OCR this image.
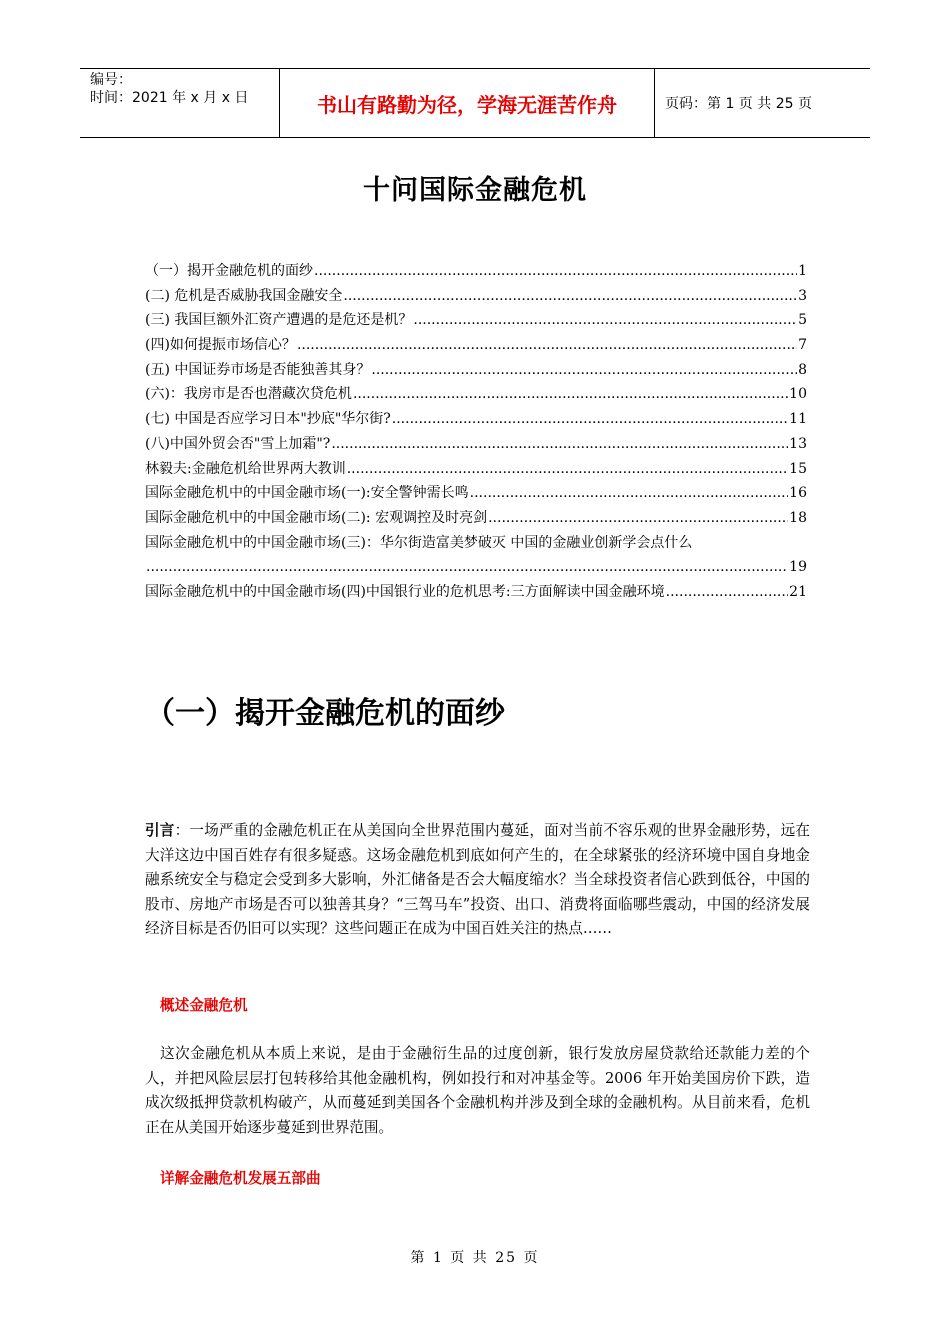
编号：
时间：2021 年 x 月 x 日	书山有路勤为径，学海无涯苦作舟	页码：第 1 页 共 25 页
十问国际金融危机
（一）揭开金融危机的面纱 .....	1
(二) 危机是否威胁我国金融安全 .....	3
(三) 我国巨额外汇资产遭遇的是危还是机？ .....	5
(四)如何提振市场信心？ .....	7
(五) 中国证券市场是否能独善其身？ .....	8
(六)：我房市是否也潜藏次贷危机 .....	10
(七) 中国是否应学习日本"抄底"华尔街? .....	11
(八)中国外贸会否"雪上加霜"? .....	13
林毅夫:金融危机给世界两大教训 .....	15
国际金融危机中的中国金融市场(一):安全警钟需长鸣 .....	16
国际金融危机中的中国金融市场(二): 宏观调控及时亮剑 .....	18
国际金融危机中的中国金融市场(三)：华尔街造富美梦破灭 中国的金融业创新学会点什么
.....
19
国际金融危机中的中国金融市场(四)中国银行业的危机思考:三方面解读中国金融环境 .....	21
（一）揭开金融危机的面纱
引言：一场严重的金融危机正在从美国向全世界范围内蔓延，面对当前不容乐观的世界金融形势，远在大洋这边中国百姓存有很多疑惑。这场金融危机到底如何产生的，在全球紧张的经济环境中国自身地金融系统安全与稳定会受到多大影响，外汇储备是否会大幅度缩水？当全球投资者信心跌到低谷，中国的股市、房地产市场是否可以独善其身？“三驾马车”投资、出口、消费将面临哪些震动，中国的经济发展经济目标是否仍旧可以实现？这些问题正在成为中国百姓关注的热点……
概述金融危机
这次金融危机从本质上来说，是由于金融衍生品的过度创新，银行发放房屋贷款给还款能力差的个人，并把风险层层打包转移给其他金融机构，例如投行和对冲基金等。2006 年开始美国房价下跌，造成次级抵押贷款机构破产，从而蔓延到美国各个金融机构并涉及到全球的金融机构。从目前来看，危机正在从美国开始逐步蔓延到世界范围。
详解金融危机发展五部曲
第 1 页 共 25 页
